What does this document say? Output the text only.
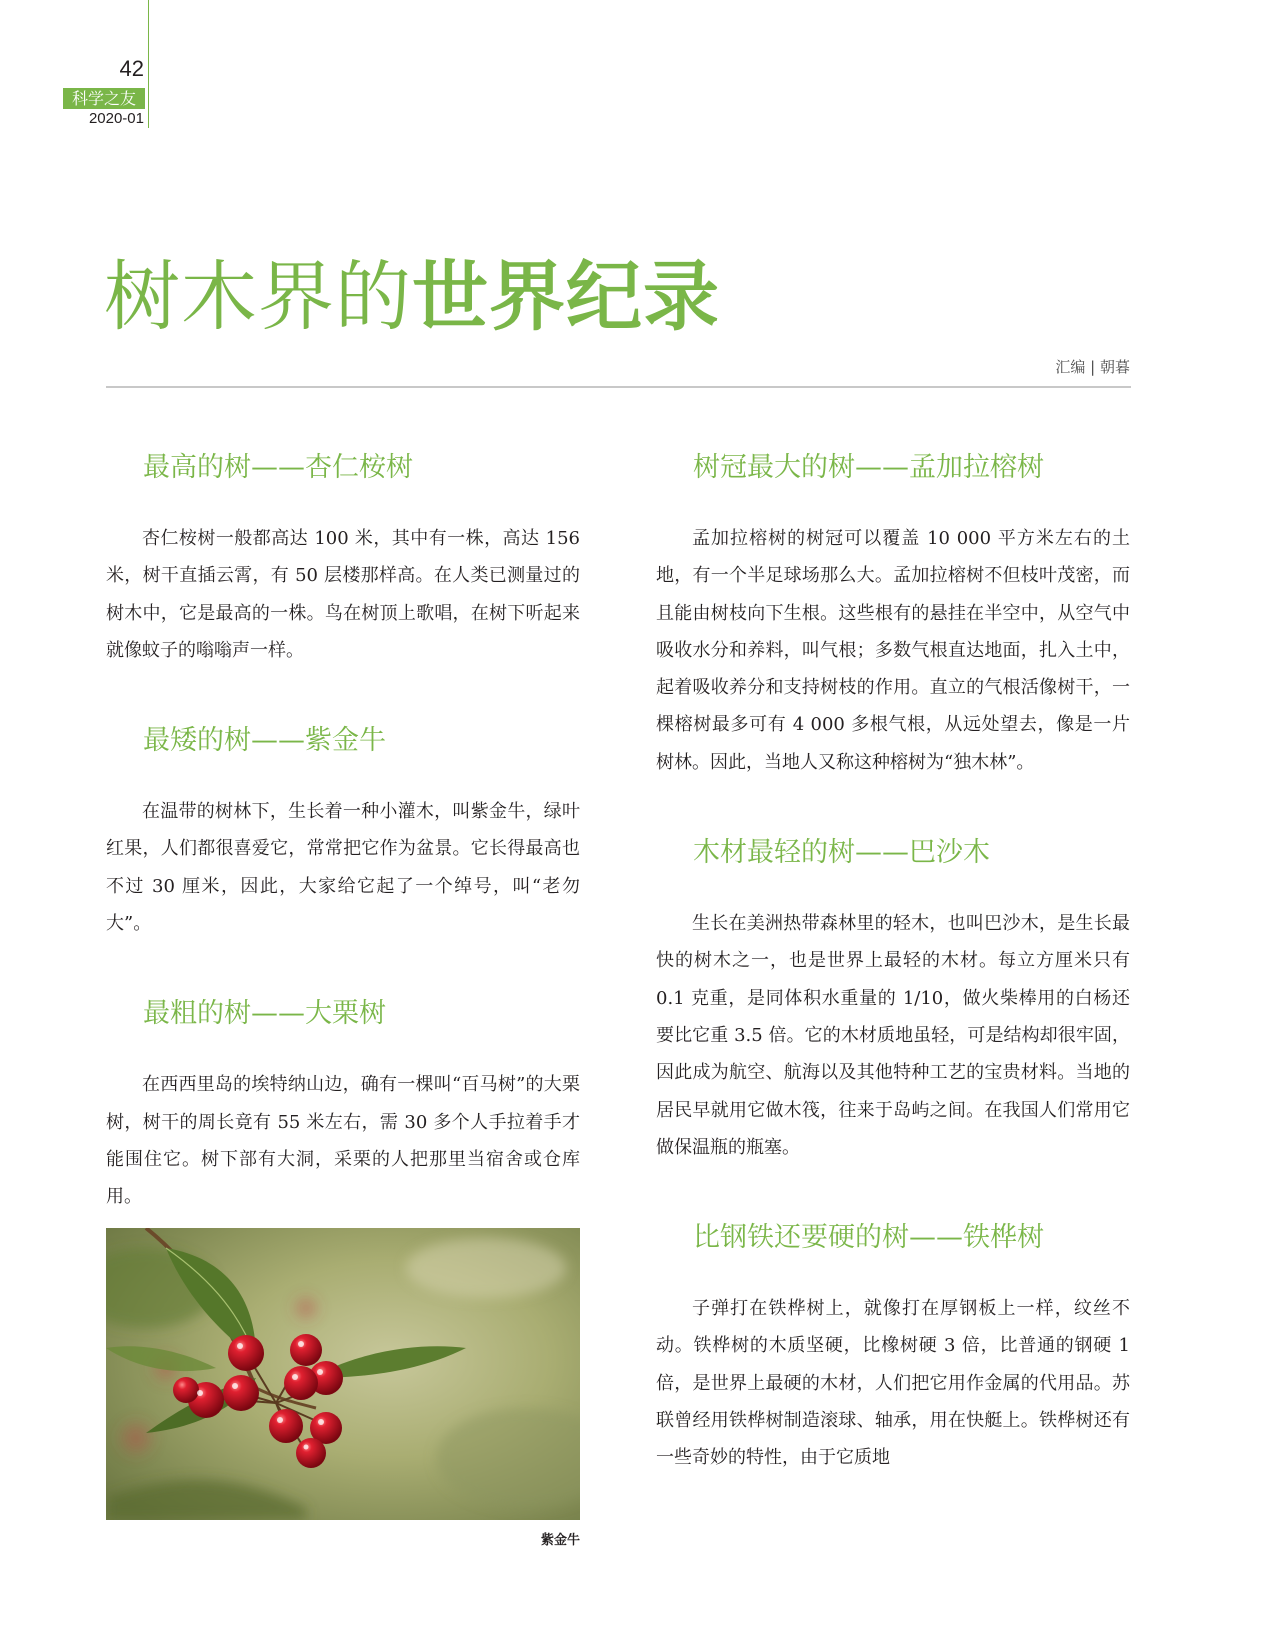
42
科学之友
2020-01
树木界的世界纪录
汇编 | 朝暮
最高的树——杏仁桉树

杏仁桉树一般都高达 100 米，其中有一株，高达 156 米，树干直插云霄，有 50 层楼那样高。在人类已测量过的树木中，它是最高的一株。鸟在树顶上歌唱，在树下听起来就像蚊子的嗡嗡声一样。

最矮的树——紫金牛

在温带的树林下，生长着一种小灌木，叫紫金牛，绿叶红果，人们都很喜爱它，常常把它作为盆景。它长得最高也不过 30 厘米，因此，大家给它起了一个绰号，叫“老勿大”。

最粗的树——大栗树

在西西里岛的埃特纳山边，确有一棵叫“百马树”的大栗树，树干的周长竟有 55 米左右，需 30 多个人手拉着手才能围住它。树下部有大洞，采栗的人把那里当宿舍或仓库用。

紫金牛
树冠最大的树——孟加拉榕树

孟加拉榕树的树冠可以覆盖 10 000 平方米左右的土地，有一个半足球场那么大。孟加拉榕树不但枝叶茂密，而且能由树枝向下生根。这些根有的悬挂在半空中，从空气中吸收水分和养料，叫气根；多数气根直达地面，扎入土中，起着吸收养分和支持树枝的作用。直立的气根活像树干，一棵榕树最多可有 4 000 多根气根，从远处望去，像是一片树林。因此，当地人又称这种榕树为“独木林”。

木材最轻的树——巴沙木

生长在美洲热带森林里的轻木，也叫巴沙木，是生长最快的树木之一，也是世界上最轻的木材。每立方厘米只有 0.1 克重，是同体积水重量的 1/10，做火柴棒用的白杨还要比它重 3.5 倍。它的木材质地虽轻，可是结构却很牢固，因此成为航空、航海以及其他特种工艺的宝贵材料。当地的居民早就用它做木筏，往来于岛屿之间。在我国人们常用它做保温瓶的瓶塞。

比钢铁还要硬的树——铁桦树

子弹打在铁桦树上，就像打在厚钢板上一样，纹丝不动。铁桦树的木质坚硬，比橡树硬 3 倍，比普通的钢硬 1 倍，是世界上最硬的木材，人们把它用作金属的代用品。苏联曾经用铁桦树制造滚球、轴承，用在快艇上。铁桦树还有一些奇妙的特性，由于它质地
